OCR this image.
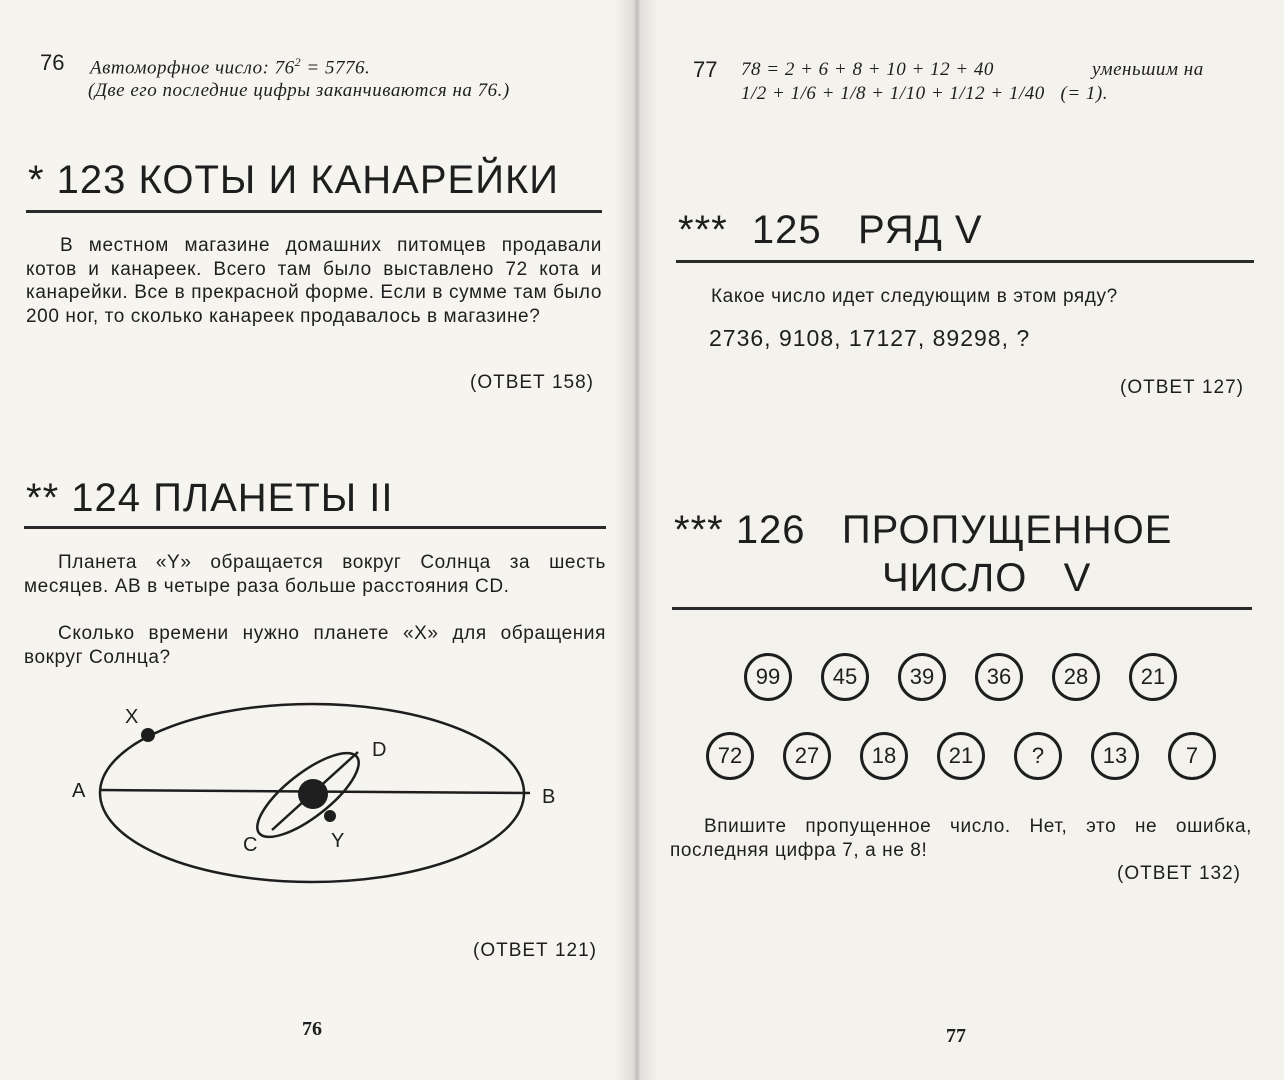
76 Автоморфное число: $76^2 = 5776$.
(Две его последние цифры заканчиваются на 76.)
* 123 КОТЫ И КАНАРЕЙКИ
В местном магазине домашних питомцев продавали котов и канареек. Всего там было выставлено 72 кота и канарейки. Все в прекрасной форме. Если в сумме там было 200 ног, то сколько канареек продавалось в магазине?
(ОТВЕТ 158)
** 124 ПЛАНЕТЫ II
Планета «Y» обращается вокруг Солнца за шесть месяцев. АВ в четыре раза больше расстояния CD.
Сколько времени нужно планете «X» для обращения вокруг Солнца?
X
A	B
C
D
Y
(ОТВЕТ 121)
76
77 78 = 2 + 6 + 8 + 10 + 12 + 40	уменьшим на
1/2 + 1/6 + 1/8 + 1/10 + 1/12 + 1/40   (= 1).
***  125   РЯД V
Какое число идет следующим в этом ряду?
2736, 9108, 17127, 89298, ?
(ОТВЕТ 127)
*** 126   ПРОПУЩЕННОЕ
ЧИСЛО   V
99	45	39	36	28	21
72	27	18	21	?	13	7
Впишите пропущенное число. Нет, это не ошибка, последняя цифра 7, а не 8!
(ОТВЕТ 132)
77
